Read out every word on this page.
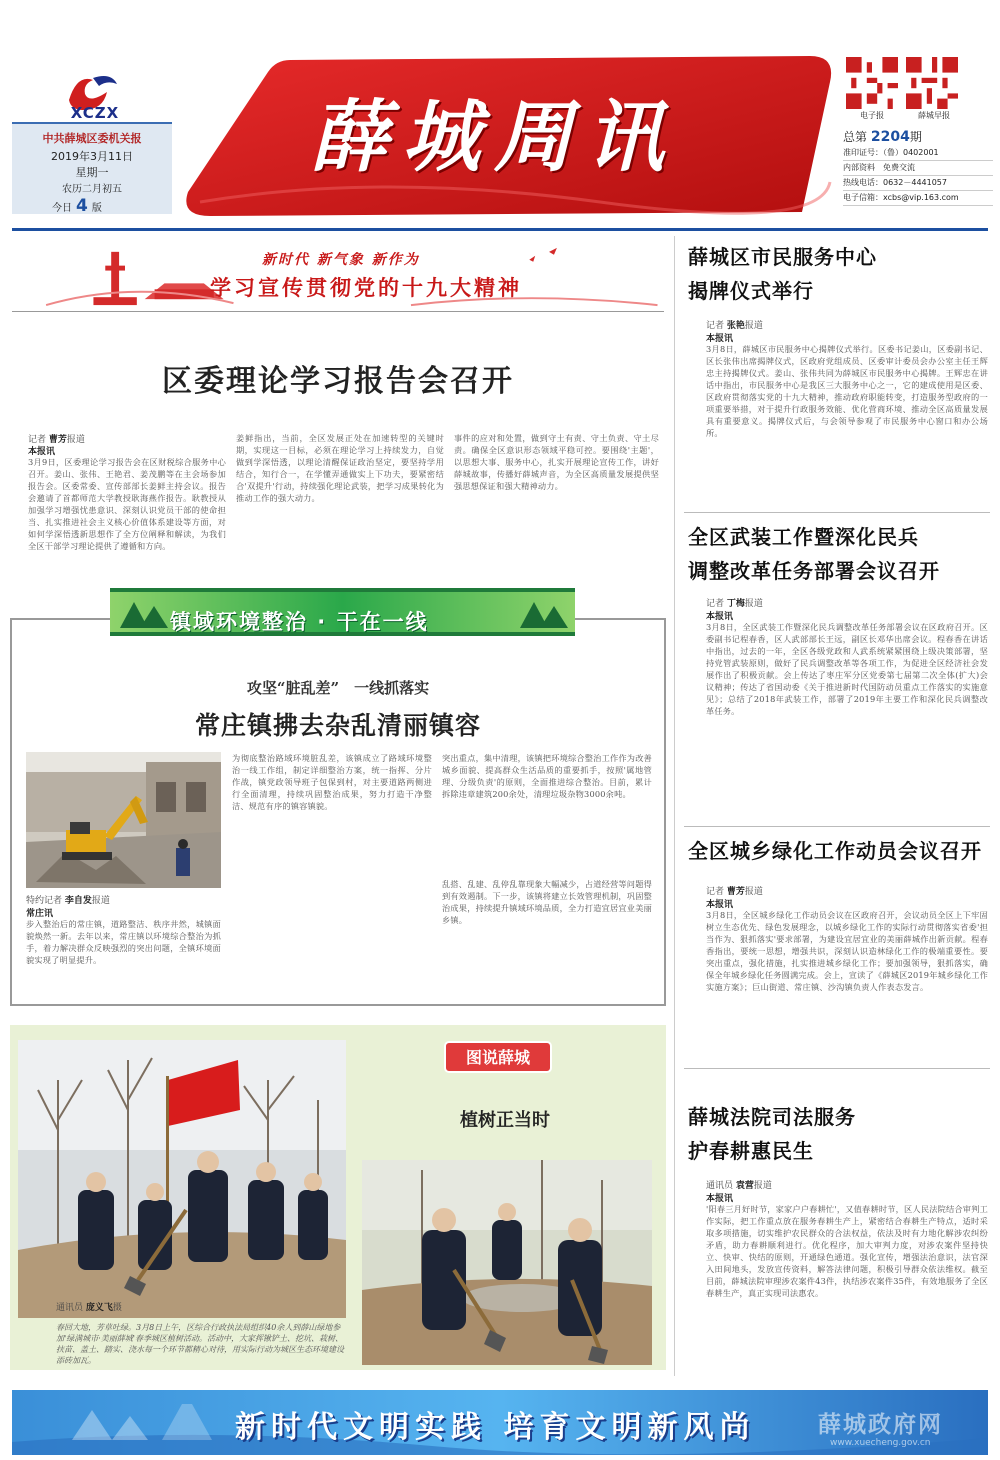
XCZX
中共薛城区委机关报
2019年3月11日
星期一
农历二月初五
今日 4 版
薛城周讯	电子报	薛城早报
总第 2204期
准印证号：（鲁）0402001
内部资料　免费交流
热线电话：0632－4441057
电子信箱：xcbs@vip.163.com
新时代 新气象 新作为
学习宣传贯彻党的十九大精神
区委理论学习报告会召开
记者 曹芳报道
本报讯
3月9日，区委理论学习报告会在区财税综合服务中心召开。姜山、张伟、王艳君、姜茂鹏等在主会场参加报告会。区委常委、宣传部部长姜鲜主持会议。报告会邀请了首都师范大学教授耿海燕作报告。耿教授从加强学习增强忧患意识、深刻认识党员干部的使命担当、扎实推进社会主义核心价值体系建设等方面，对如何学深悟透新思想作了全方位阐释和解读，为我们全区干部学习理论提供了遵循和方向。
姜鲜指出，当前，全区发展正处在加速转型的关键时期，实现这一目标，必须在理论学习上持续发力，自觉做到学深悟透，以理论清醒保证政治坚定，要坚持学用结合，知行合一，在学懂弄通做实上下功夫，要紧密结合'双提升'行动，持续强化理论武装，把学习成果转化为推动工作的强大动力。
事件的应对和处置，做到守土有责、守土负责、守土尽责。确保全区意识形态领域平稳可控。要围绕'主题'，以思想大事、服务中心，扎实开展理论宣传工作，讲好薛城故事，传播好薛城声音，为全区高质量发展提供坚强思想保证和强大精神动力。
镇域环境整治 · 干在一线
攻坚“脏乱差”　一线抓落实
常庄镇拂去杂乱清丽镇容
特约记者 李自发报道
常庄讯
步入整治后的常庄镇，道路整洁、秩序井然，城镇面貌焕然一新。去年以来，常庄镇以环境综合整治为抓手，着力解决群众反映强烈的突出问题，全镇环境面貌实现了明显提升。
为彻底整治路域环境脏乱差，该镇成立了路域环境整治一线工作组，制定详细整治方案，统一指挥、分片作战，镇党政领导班子包保到村，对主要道路两侧进行全面清理，持续巩固整治成果，努力打造干净整洁、规范有序的镇容镇貌。
突出重点，集中清理，该镇把环境综合整治工作作为改善城乡面貌、提高群众生活品质的重要抓手，按照'属地管理、分级负责'的原则，全面推进综合整治。目前，累计拆除违章建筑200余处，清理垃圾杂物3000余吨。
乱搭、乱建、乱停乱靠现象大幅减少，占道经营等问题得到有效遏制。下一步，该镇将建立长效管理机制，巩固整治成果，持续提升镇域环境品质，全力打造宜居宜业美丽乡镇。
图说薛城
植树正当时
通讯员 庞义飞摄
春回大地，芳草吐绿。3月8日上午，区综合行政执法局组织40余人到薛山绿地参加'绿满城市·美丽薛城'春季城区植树活动。活动中，大家挥锹铲土、挖坑、栽树、扶苗、盖土、踏实、浇水每一个环节都精心对待，用实际行动为城区生态环境建设添砖加瓦。
薛城区市民服务中心
揭牌仪式举行
记者 张艳报道
本报讯
3月8日，薛城区市民服务中心揭牌仪式举行。区委书记姜山，区委副书记、区长张伟出席揭牌仪式，区政府党组成员、区委审计委员会办公室主任王辉忠主持揭牌仪式。姜山、张伟共同为薛城区市民服务中心揭牌。王辉忠在讲话中指出，市民服务中心是我区三大服务中心之一，它的建成使用是区委、区政府贯彻落实党的十九大精神，推动政府职能转变，打造服务型政府的一项重要举措，对于提升行政服务效能、优化营商环境、推动全区高质量发展具有重要意义。揭牌仪式后，与会领导参观了市民服务中心窗口和办公场所。
全区武装工作暨深化民兵
调整改革任务部署会议召开
记者 丁梅报道
本报讯
3月8日，全区武装工作暨深化民兵调整改革任务部署会议在区政府召开。区委副书记程春香，区人武部部长王远，副区长邓华出席会议。程春香在讲话中指出，过去的一年，全区各级党政和人武系统紧紧围绕上级决策部署，坚持党管武装原则，做好了民兵调整改革等各项工作，为促进全区经济社会发展作出了积极贡献。会上传达了枣庄军分区党委第七届第二次全体(扩大)会议精神；传达了省国动委《关于推进新时代国防动员重点工作落实的实施意见》；总结了2018年武装工作，部署了2019年主要工作和深化民兵调整改革任务。
全区城乡绿化工作动员会议召开
记者 曹芳报道
本报讯
3月8日，全区城乡绿化工作动员会议在区政府召开，会议动员全区上下牢固树立生态优先、绿色发展理念，以城乡绿化工作的实际行动贯彻落实省委'担当作为、狠抓落实'要求部署，为建设宜居宜业的美丽薛城作出新贡献。程春香指出，要统一思想，增强共识，深刻认识造林绿化工作的极端重要性。要突出重点，强化措施，扎实推进城乡绿化工作；要加强领导，狠抓落实，确保全年城乡绿化任务圆满完成。会上，宣读了《薛城区2019年城乡绿化工作实施方案》；巨山街道、常庄镇、沙沟镇负责人作表态发言。
薛城法院司法服务
护春耕惠民生
通讯员 袁营报道
本报讯
'阳春三月好时节，家家户户春耕忙'，又值春耕时节，区人民法院结合审判工作实际，把工作重点放在服务春耕生产上，紧密结合春耕生产特点，适时采取多项措施，切实维护农民群众的合法权益，依法及时有力地化解涉农纠纷矛盾，助力春耕顺利进行。优化程序，加大审判力度，对涉农案件坚持快立、快审、快结的原则，开通绿色通道。强化宣传，增强法治意识，法官深入田间地头，发放宣传资料，解答法律问题，积极引导群众依法维权。截至目前，薛城法院审理涉农案件43件，执结涉农案件35件，有效地服务了全区春耕生产，真正实现司法惠农。
新时代文明实践 培育文明新风尚	薛城政府网
www.xuecheng.gov.cn
